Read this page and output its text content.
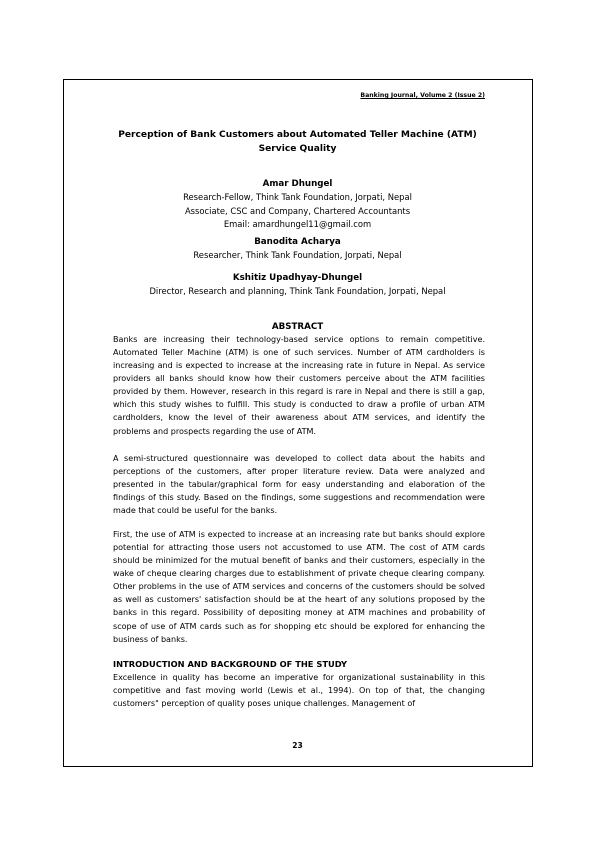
Banking Journal, Volume 2 (Issue 2)
Perception of Bank Customers about Automated Teller Machine (ATM)
Service Quality
Amar Dhungel
Research-Fellow, Think Tank Foundation, Jorpati, Nepal
Associate, CSC and Company, Chartered Accountants
Email: amardhungel11@gmail.com
Banodita Acharya
Researcher, Think Tank Foundation, Jorpati, Nepal
Kshitiz Upadhyay-Dhungel
Director, Research and planning, Think Tank Foundation, Jorpati, Nepal
ABSTRACT
Banks are increasing their technology-based service options to remain competitive. Automated Teller Machine (ATM) is one of such services. Number of ATM cardholders is increasing and is expected to increase at the increasing rate in future in Nepal. As service providers all banks should know how their customers perceive about the ATM facilities provided by them. However, research in this regard is rare in Nepal and there is still a gap, which this study wishes to fulfill. This study is conducted to draw a profile of urban ATM cardholders, know the level of their awareness about ATM services, and identify the problems and prospects regarding the use of ATM.
A semi-structured questionnaire was developed to collect data about the habits and perceptions of the customers, after proper literature review. Data were analyzed and presented in the tabular/graphical form for easy understanding and elaboration of the findings of this study. Based on the findings, some suggestions and recommendation were made that could be useful for the banks.
First, the use of ATM is expected to increase at an increasing rate but banks should explore potential for attracting those users not accustomed to use ATM. The cost of ATM cards should be minimized for the mutual benefit of banks and their customers, especially in the wake of cheque clearing charges due to establishment of private cheque clearing company. Other problems in the use of ATM services and concerns of the customers should be solved as well as customers' satisfaction should be at the heart of any solutions proposed by the banks in this regard. Possibility of depositing money at ATM machines and probability of scope of use of ATM cards such as for shopping etc should be explored for enhancing the business of banks.
INTRODUCTION AND BACKGROUND OF THE STUDY
Excellence in quality has become an imperative for organizational sustainability in this competitive and fast moving world (Lewis et al., 1994). On top of that, the changing customers" perception of quality poses unique challenges. Management of
23
